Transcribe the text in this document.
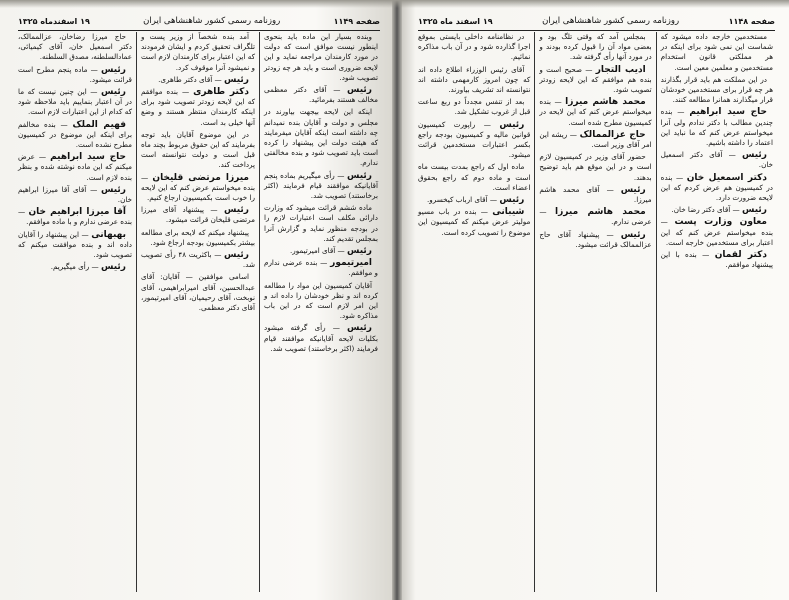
صفحه ۱۱۴۹
روزنامه رسمی کشور شاهنشاهی ایران
۱۹ اسفندماه ۱۳۲۵

وبنده بسیار این ماده باید بنحوی اینطور نیست موافق است که دولت در مورد کارمندان مراجعه نماید و این لایحه ضروری است و باید هر چه زودتر تصویب شود.

رئیس — آقای دکتر معظمی مخالف هستند بفرمائید.

اینکه این لایحه بیجهت بیاورند در مجلس و دولت و آقایان بنده نمیدانم چه داشته است اینکه آقایان میفرمایند که هیئت دولت این پیشنهاد را کرده است باید تصویب شود و بنده مخالفتی ندارم.

رئیس — رأی میگیریم بماده پنجم آقایانیکه موافقند قیام فرمایند (اکثر برخاستند) تصویب شد.

ماده ششم قرائت میشود که وزارت دارائی مکلف است اعتبارات لازم را در بودجه منظور نماید و گزارش آنرا بمجلس تقدیم کند.

رئیس — آقای امیرتیمور.

امیرتیمور — بنده عرضی ندارم و موافقم.

آقایان کمیسیون این مواد را مطالعه کرده اند و نظر خودشان را داده اند و این امر لازم است که در این باب مذاکره شود.

رئیس — رأی گرفته میشود بکلیات لایحه آقایانیکه موافقند قیام فرمایند (اکثر برخاستند) تصویب شد.

آمد بنده شخصاً از وزیر پست و تلگراف تحقیق کردم و ایشان فرمودند که این اعتبار برای کارمندان لازم است و نمیشود آنرا موقوف کرد.

رئیس — آقای دکتر طاهری.

دکتر طاهری — بنده موافقم که این لایحه زودتر تصویب شود برای اینکه کارمندان منتظر هستند و وضع آنها خیلی بد است.

در این موضوع آقایان باید توجه بفرمایند که این حقوق مربوط بچند ماه قبل است و دولت نتوانسته است پرداخت کند.

میرزا مرتضی قلیخان — بنده میخواستم عرض کنم که این لایحه را خوب است بکمیسیون ارجاع کنیم.

رئیس — پیشنهاد آقای میرزا مرتضی قلیخان قرائت میشود.

پیشنهاد میکنم که لایحه برای مطالعه بیشتر بکمیسیون بودجه ارجاع شود.

رئیس — باکثریت ۴۸ رأی تصویب شد.

اسامی موافقین — آقایان: آقای عبدالحسین، آقای امیرابراهیمی، آقای نوبخت، آقای رحیمیان، آقای امیرتیمور، آقای دکتر معظمی.

حاج میرزا رضاخان، عزالممالک، دکتر اسمعیل خان، آقای کیمیائی، عمادالسلطنه، مصدق السلطنه.

رئیس — ماده پنجم مطرح است قرائت میشود.

رئیس — این چنین نیست که ما در آن اعتبار بنماییم باید ملاحظه شود که کدام از این اعتبارات لازم است.

فهیم الملک — بنده مخالفم برای اینکه این موضوع در کمیسیون مطرح نشده است.

حاج سید ابراهیم — عرض میکنم که این ماده نوشته شده و بنظر بنده لازم است.

رئیس — آقای آقا میرزا ابراهیم خان.

آقا میرزا ابراهیم خان — بنده عرضی ندارم و با ماده موافقم.

بهبهانی — این پیشنهاد را آقایان داده اند و بنده موافقت میکنم که تصویب شود.

رئیس — رأی میگیریم.

صفحه ۱۱۴۸
روزنامه رسمی کشور شاهنشاهی ایران
۱۹ اسفند ماه ۱۳۲۵

مستخدمین خارجه داده میشود که شماست این نمی شود برای اینکه در هر مملکتی قانون استخدام مستخدمین و معلمین معین است.

در این مملکت هم باید قرار بگذارند هر چه قرار برای مستخدمین خودشان قرار میگذارند همانرا مطالعه کنند.

حاج سید ابراهیم — بنده چندین مطالب با دکتر ندادم ولی آنرا میخواستم عرض کنم که ما نباید این اعتماد را داشته باشیم.

رئیس — آقای دکتر اسمعیل خان.

دکتر اسمعیل خان — بنده در کمیسیون هم عرض کردم که این لایحه ضرورت دارد.

رئیس — آقای دکتر رضا خان.

معاون وزارت پست — بنده میخواستم عرض کنم که این اعتبار برای مستخدمین خارجه است.

دکتر لقمان — بنده با این پیشنهاد موافقم.

بمجلس آمد که وقتی تلگ بود و بعضی مواد آن را قبول کرده بودند و در مورد آنها رأی گرفته شد.

ادیب التجار — صحیح است و بنده هم موافقم که این لایحه زودتر تصویب شود.

محمد هاشم میرزا — بنده میخواستم عرض کنم که این لایحه در کمیسیون مطرح شده است.

حاج عزالممالک — ریشه این امر آقای وزیر است.

حضور آقای وزیر در کمیسیون لازم است و در این موقع هم باید توضیح بدهند.

رئیس — آقای محمد هاشم میرزا.

محمد هاشم میرزا — عرضی ندارم.

رئیس — پیشنهاد آقای حاج عزالممالک قرائت میشود.

در نظامنامه داخلی بایستی بموقع اجرا گذارده شود و در آن باب مذاکره نمائیم.

آقای رئیس الوزراء اطلاع داده اند که چون امروز کارمهمی داشته اند نتوانسته اند تشریف بیاورند.

بعد از تنفس مجدداً دو ربع ساعت قبل از غروب تشکیل شد.

رئیس — راپورت کمیسیون قوانین مالیه و کمیسیون بودجه راجع بکسر اعتبارات مستخدمین قرائت میشود.

ماده اول که راجع بمدت بیست ماه است و ماده دوم که راجع بحقوق اعضاء است.

رئیس — آقای ارباب کیخسرو.

شیبانی — بنده در باب مسیو مولیتر عرض میکنم که کمیسیون این موضوع را تصویب کرده است.
